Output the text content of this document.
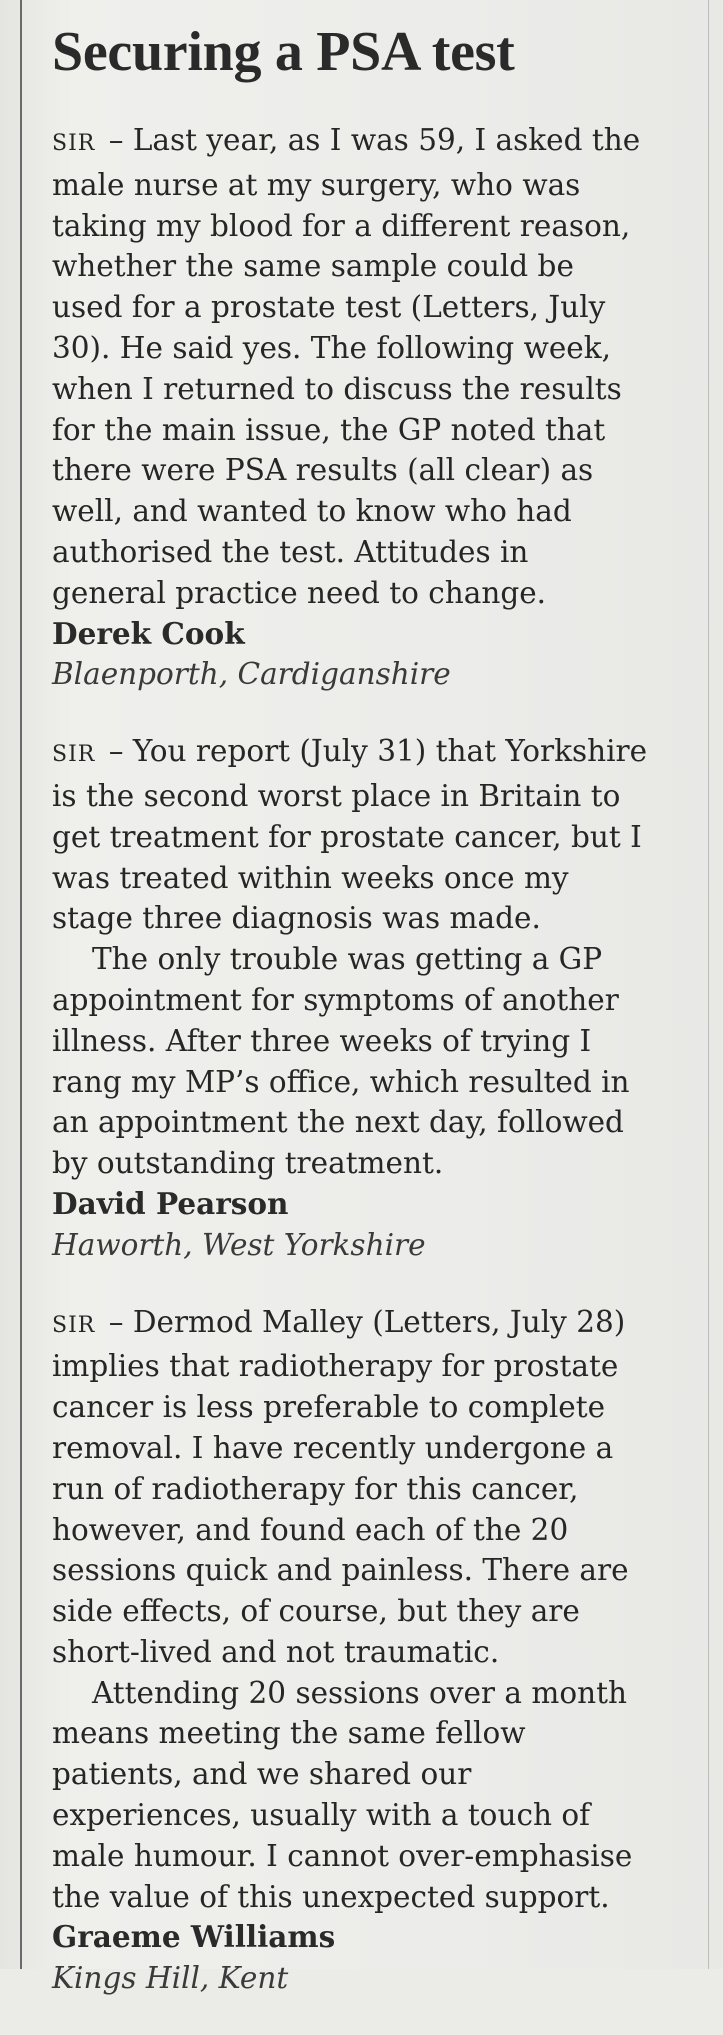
Securing a PSA test

SIR – Last year, as I was 59, I asked the
male nurse at my surgery, who was
taking my blood for a different reason,
whether the same sample could be
used for a prostate test (Letters, July
30). He said yes. The following week,
when I returned to discuss the results
for the main issue, the GP noted that
there were PSA results (all clear) as
well, and wanted to know who had
authorised the test. Attitudes in
general practice need to change.

Derek Cook

Blaenporth, Cardiganshire

SIR – You report (July 31) that Yorkshire
is the second worst place in Britain to
get treatment for prostate cancer, but I
was treated within weeks once my
stage three diagnosis was made.

The only trouble was getting a GP
appointment for symptoms of another
illness. After three weeks of trying I
rang my MP’s office, which resulted in
an appointment the next day, followed
by outstanding treatment.

David Pearson

Haworth, West Yorkshire

SIR – Dermod Malley (Letters, July 28)
implies that radiotherapy for prostate
cancer is less preferable to complete
removal. I have recently undergone a
run of radiotherapy for this cancer,
however, and found each of the 20
sessions quick and painless. There are
side effects, of course, but they are
short-lived and not traumatic.

Attending 20 sessions over a month
means meeting the same fellow
patients, and we shared our
experiences, usually with a touch of
male humour. I cannot over-emphasise
the value of this unexpected support.

Graeme Williams

Kings Hill, Kent
